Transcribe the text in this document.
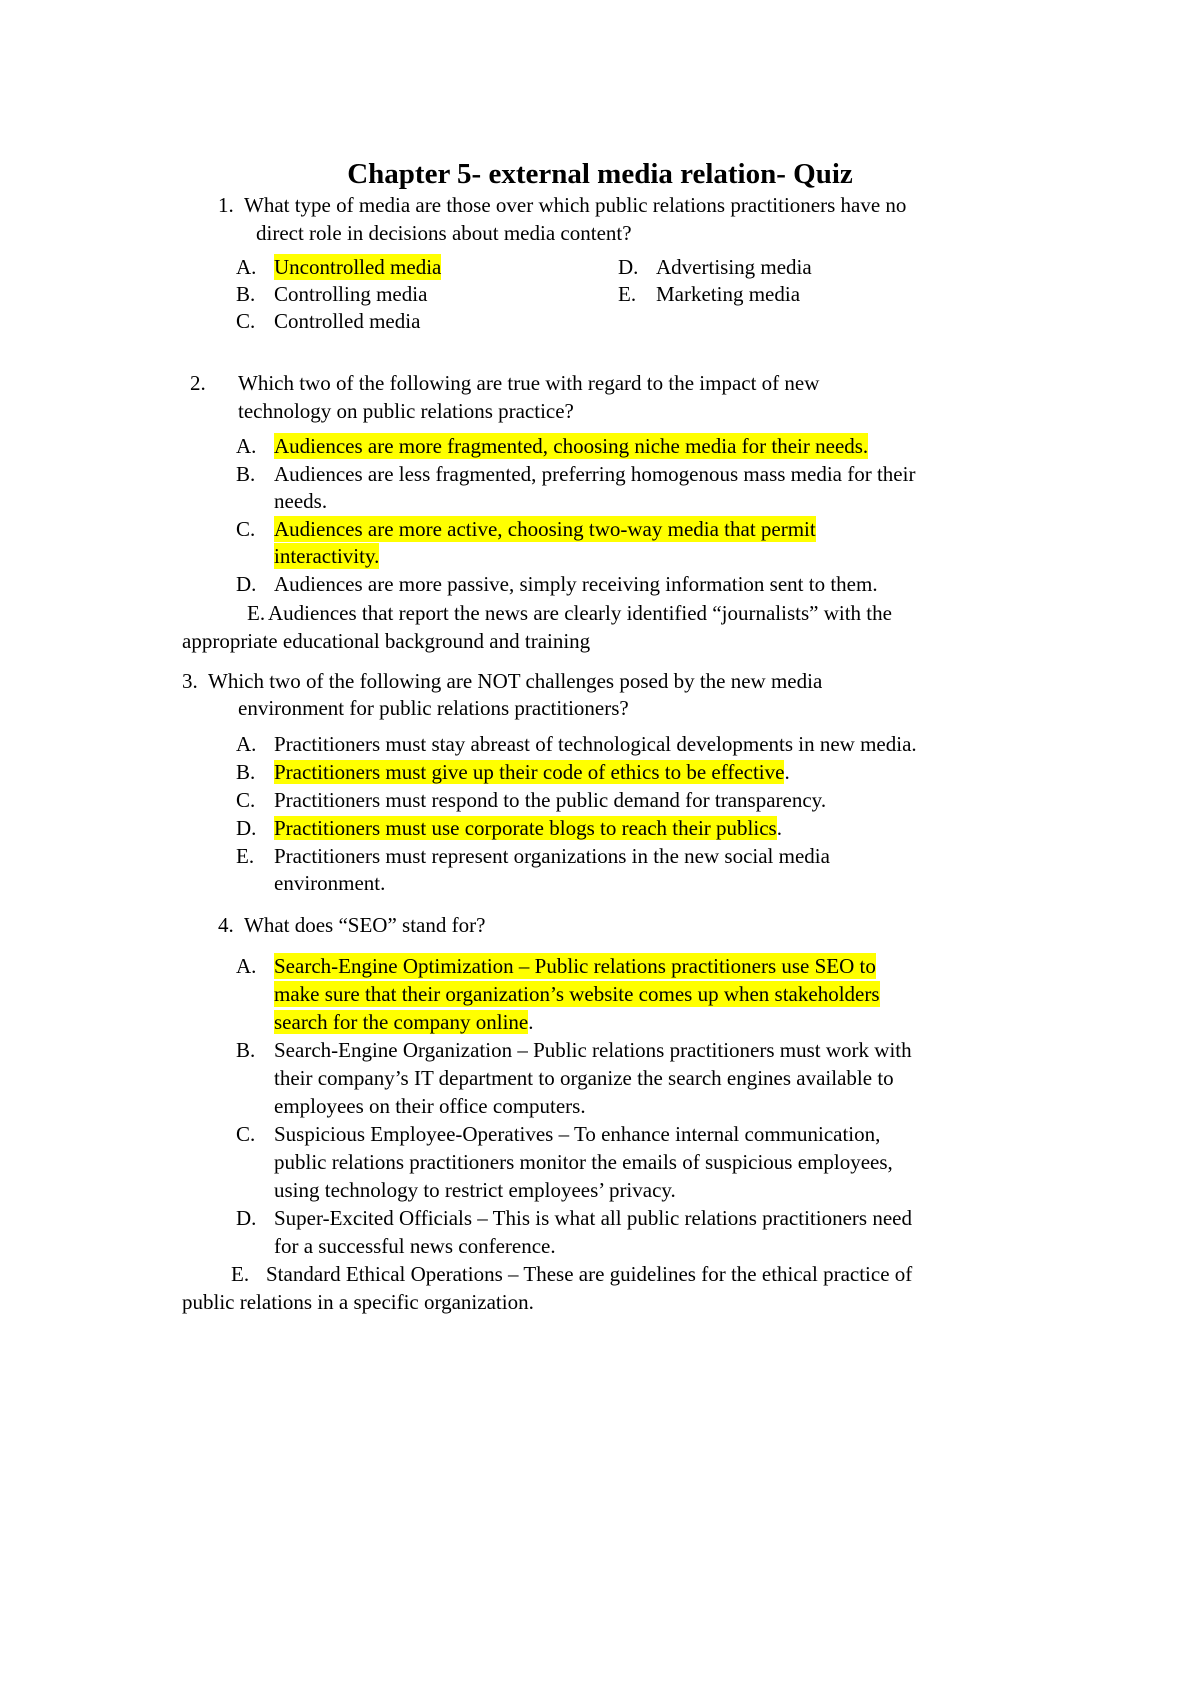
Chapter 5- external media relation- Quiz
1. What type of media are those over which public relations practitioners have no
direct role in decisions about media content?
A. Uncontrolled media
B. Controlling media
C. Controlled media
D. Advertising media
E. Marketing media
2. Which two of the following are true with regard to the impact of new
technology on public relations practice?
A. Audiences are more fragmented, choosing niche media for their needs.
B. Audiences are less fragmented, preferring homogenous mass media for their
needs.
C. Audiences are more active, choosing two-way media that permit
interactivity.
D. Audiences are more passive, simply receiving information sent to them.
E. Audiences that report the news are clearly identified “journalists” with the
appropriate educational background and training
3. Which two of the following are NOT challenges posed by the new media
environment for public relations practitioners?
A. Practitioners must stay abreast of technological developments in new media.
B. Practitioners must give up their code of ethics to be effective.
C. Practitioners must respond to the public demand for transparency.
D. Practitioners must use corporate blogs to reach their publics.
E. Practitioners must represent organizations in the new social media
environment.
4. What does “SEO” stand for?
A. Search-Engine Optimization – Public relations practitioners use SEO to
make sure that their organization’s website comes up when stakeholders
search for the company online.
B. Search-Engine Organization – Public relations practitioners must work with
their company’s IT department to organize the search engines available to
employees on their office computers.
C. Suspicious Employee-Operatives – To enhance internal communication,
public relations practitioners monitor the emails of suspicious employees,
using technology to restrict employees’ privacy.
D. Super-Excited Officials – This is what all public relations practitioners need
for a successful news conference.
E. Standard Ethical Operations – These are guidelines for the ethical practice of
public relations in a specific organization.
